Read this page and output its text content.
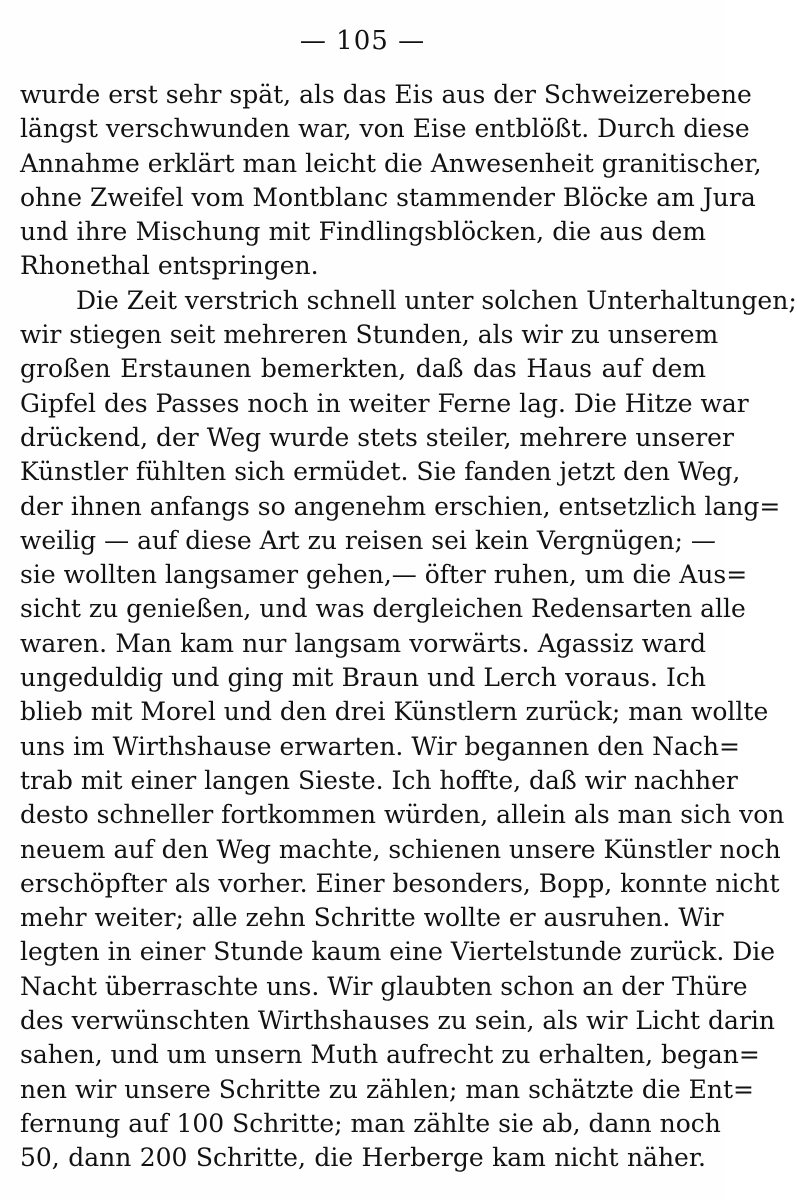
— 105 —
wurde erst sehr spät, als das Eis aus der Schweizerebene
längst verschwunden war, von Eise entblößt. Durch diese
Annahme erklärt man leicht die Anwesenheit granitischer,
ohne Zweifel vom Montblanc stammender Blöcke am Jura
und ihre Mischung mit Findlingsblöcken, die aus dem
Rhonethal entspringen.
Die Zeit verstrich schnell unter solchen Unterhaltungen;
wir stiegen seit mehreren Stunden, als wir zu unserem
großen Erstaunen bemerkten, daß das Haus auf dem
Gipfel des Passes noch in weiter Ferne lag. Die Hitze war
drückend, der Weg wurde stets steiler, mehrere unserer
Künstler fühlten sich ermüdet. Sie fanden jetzt den Weg,
der ihnen anfangs so angenehm erschien, entsetzlich lang=
weilig — auf diese Art zu reisen sei kein Vergnügen; —
sie wollten langsamer gehen,— öfter ruhen, um die Aus=
sicht zu genießen, und was dergleichen Redensarten alle
waren. Man kam nur langsam vorwärts. Agassiz ward
ungeduldig und ging mit Braun und Lerch voraus. Ich
blieb mit Morel und den drei Künstlern zurück; man wollte
uns im Wirthshause erwarten. Wir begannen den Nach=
trab mit einer langen Sieste. Ich hoffte, daß wir nachher
desto schneller fortkommen würden, allein als man sich von
neuem auf den Weg machte, schienen unsere Künstler noch
erschöpfter als vorher. Einer besonders, Bopp, konnte nicht
mehr weiter; alle zehn Schritte wollte er ausruhen. Wir
legten in einer Stunde kaum eine Viertelstunde zurück. Die
Nacht überraschte uns. Wir glaubten schon an der Thüre
des verwünschten Wirthshauses zu sein, als wir Licht darin
sahen, und um unsern Muth aufrecht zu erhalten, began=
nen wir unsere Schritte zu zählen; man schätzte die Ent=
fernung auf 100 Schritte; man zählte sie ab, dann noch
50, dann 200 Schritte, die Herberge kam nicht näher.
